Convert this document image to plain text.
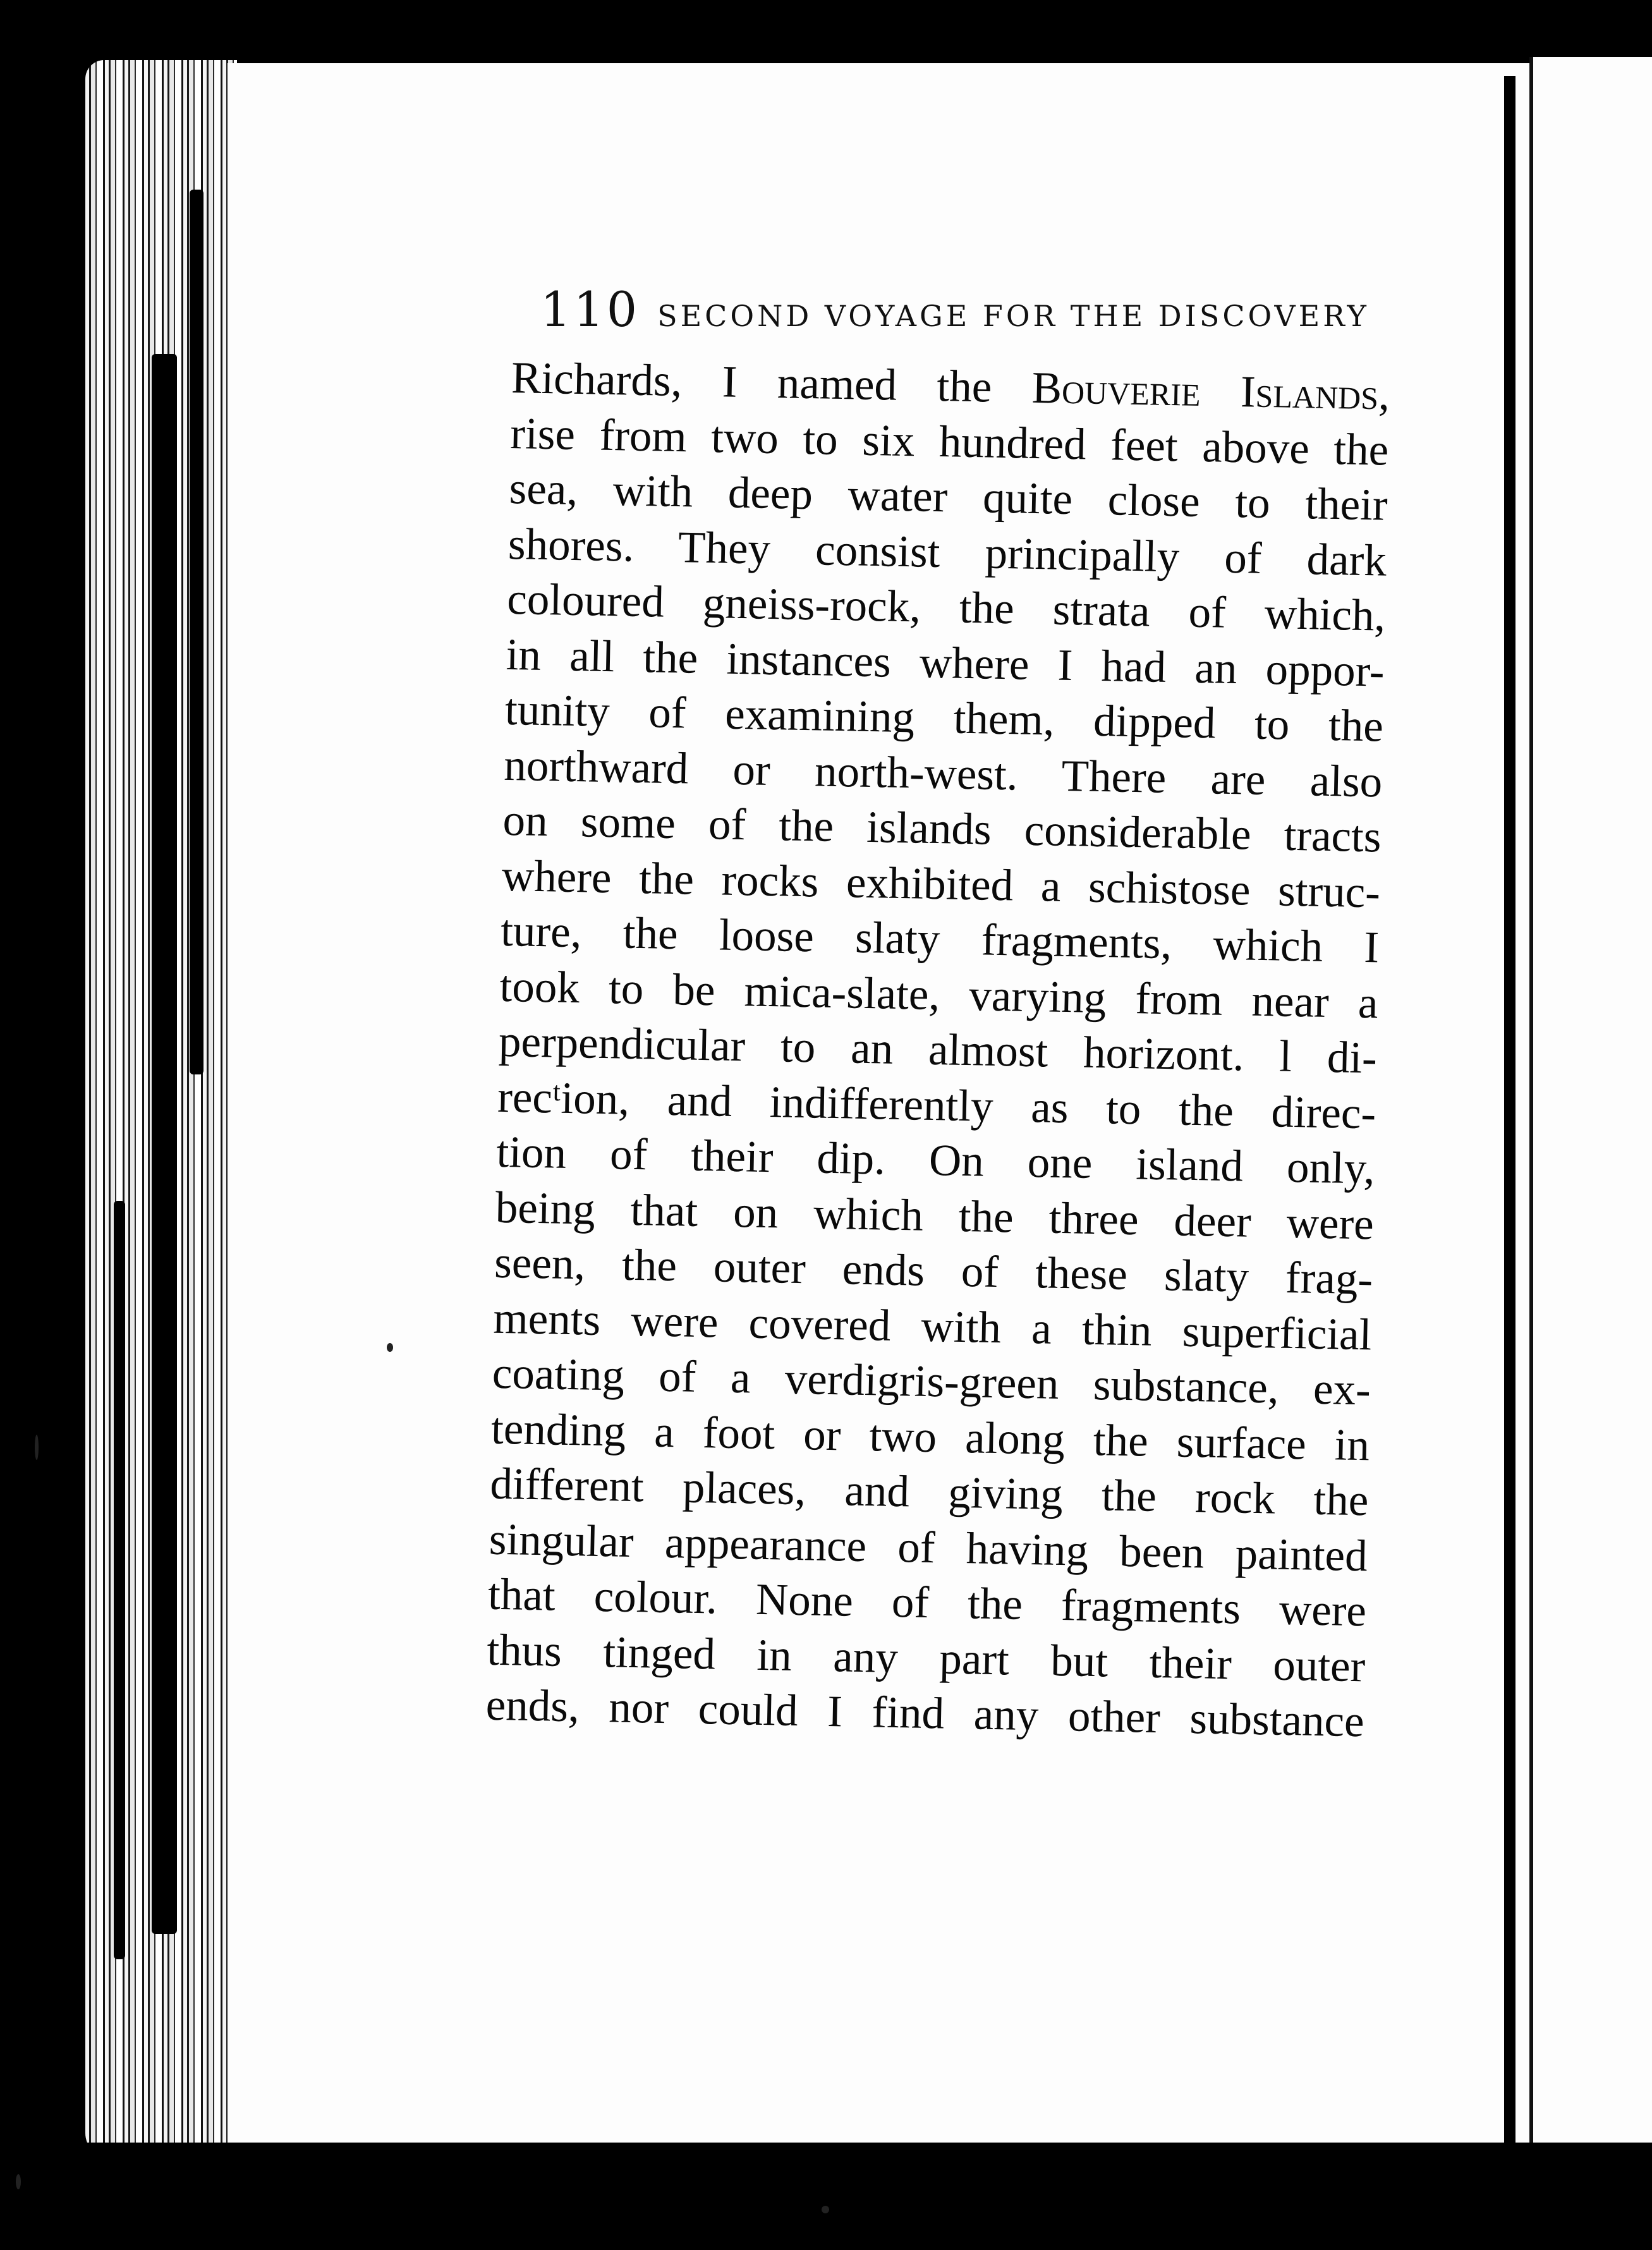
110 SECOND VOYAGE FOR THE DISCOVERY
Richards, I named the Bouverie Islands,
rise from two to six hundred feet above the
sea, with deep water quite close to their
shores. They consist principally of dark
coloured gneiss-rock, the strata of which,
in all the instances where I had an oppor-
tunity of examining them, dipped to the
northward or north-west. There are also
on some of the islands considerable tracts
where the rocks exhibited a schistose struc-
ture, the loose slaty fragments, which I
took to be mica-slate, varying from near a
perpendicular to an almost horizont. l di-
recᵗion, and indifferently as to the direc-
tion of their dip. On one island only,
being that on which the three deer were
seen, the outer ends of these slaty frag-
ments were covered with a thin superficial
coating of a verdigris-green substance, ex-
tending a foot or two along the surface in
different places, and giving the rock the
singular appearance of having been painted
that colour. None of the fragments were
thus tinged in any part but their outer
ends, nor could I find any other substance
